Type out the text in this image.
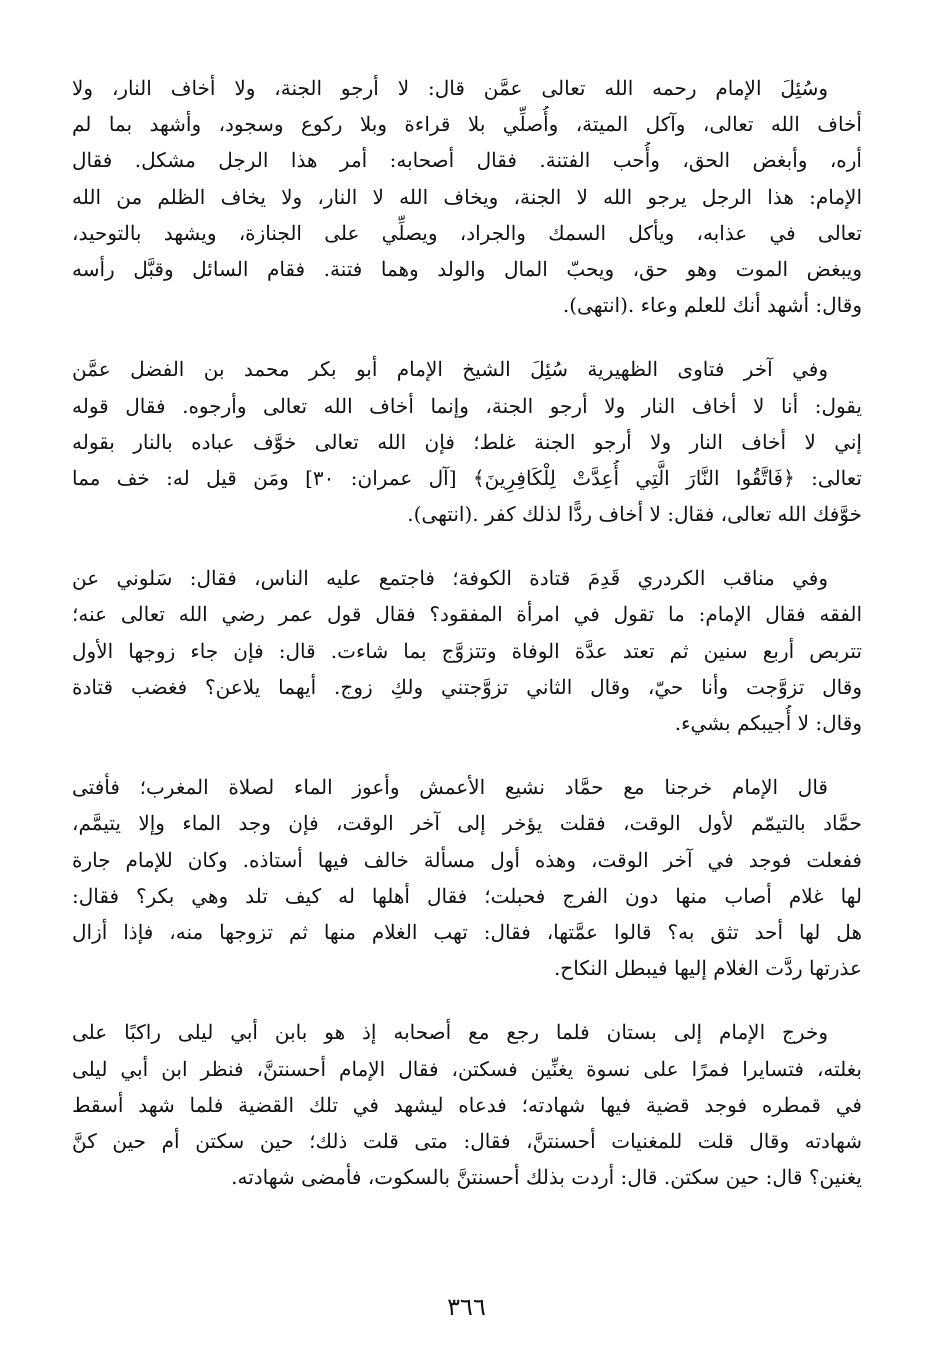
وسُئِلَ الإمام رحمه الله تعالى عمَّن قال: لا أرجو الجنة، ولا أخاف النار، ولا
أخاف الله تعالى، وآكل الميتة، وأُصلِّي بلا قراءة وبلا ركوع وسجود، وأشهد بما لم
أره، وأبغض الحق، وأُحب الفتنة. فقال أصحابه: أمر هذا الرجل مشكل. فقال
الإمام: هذا الرجل يرجو الله لا الجنة، ويخاف الله لا النار، ولا يخاف الظلم من الله
تعالى في عذابه، ويأكل السمك والجراد، ويصلِّي على الجنازة، ويشهد بالتوحيد،
ويبغض الموت وهو حق، ويحبّ المال والولد وهما فتنة. فقام السائل وقبَّل رأسه
وقال: أشهد أنك للعلم وعاء .(انتهى).
وفي آخر فتاوى الظهيرية سُئِلَ الشيخ الإمام أبو بكر محمد بن الفضل عمَّن
يقول: أنا لا أخاف النار ولا أرجو الجنة، وإنما أخاف الله تعالى وأرجوه. فقال قوله
إني لا أخاف النار ولا أرجو الجنة غلط؛ فإن الله تعالى خوَّف عباده بالنار بقوله
تعالى: ﴿فَاتَّقُوا النَّارَ الَّتِي أُعِدَّتْ لِلْكَافِرِينَ﴾ [آل عمران: ٣٠] ومَن قيل له: خف مما
خوَّفك الله تعالى، فقال: لا أخاف ردًّا لذلك كفر .(انتهى).
وفي مناقب الكردري قَدِمَ قتادة الكوفة؛ فاجتمع عليه الناس، فقال: سَلوني عن
الفقه فقال الإمام: ما تقول في امرأة المفقود؟ فقال قول عمر رضي الله تعالى عنه؛
تتربص أربع سنين ثم تعتد عدَّة الوفاة وتتزوَّج بما شاءت. قال: فإن جاء زوجها الأول
وقال تزوَّجت وأنا حيّ، وقال الثاني تزوَّجتني ولكِ زوج. أيهما يلاعن؟ فغضب قتادة
وقال: لا أُجيبكم بشيء.
قال الإمام خرجنا مع حمَّاد نشيع الأعمش وأعوز الماء لصلاة المغرب؛ فأفتى
حمَّاد بالتيمّم لأول الوقت، فقلت يؤخر إلى آخر الوقت، فإن وجد الماء وإلا يتيمَّم،
ففعلت فوجد في آخر الوقت، وهذه أول مسألة خالف فيها أستاذه. وكان للإمام جارة
لها غلام أصاب منها دون الفرج فحبلت؛ فقال أهلها له كيف تلد وهي بكر؟ فقال:
هل لها أحد تثق به؟ قالوا عمَّتها، فقال: تهب الغلام منها ثم تزوجها منه، فإذا أزال
عذرتها ردَّت الغلام إليها فيبطل النكاح.
وخرج الإمام إلى بستان فلما رجع مع أصحابه إذ هو بابن أبي ليلى راكبًا على
بغلته، فتسايرا فمرًا على نسوة يغنِّين فسكتن، فقال الإمام أحسنتنَّ، فنظر ابن أبي ليلى
في قمطره فوجد قضية فيها شهادته؛ فدعاه ليشهد في تلك القضية فلما شهد أسقط
شهادته وقال قلت للمغنيات أحسنتنَّ، فقال: متى قلت ذلك؛ حين سكتن أم حين كنَّ
يغنين؟ قال: حين سكتن. قال: أردت بذلك أحسنتنَّ بالسكوت، فأمضى شهادته.
٣٦٦
